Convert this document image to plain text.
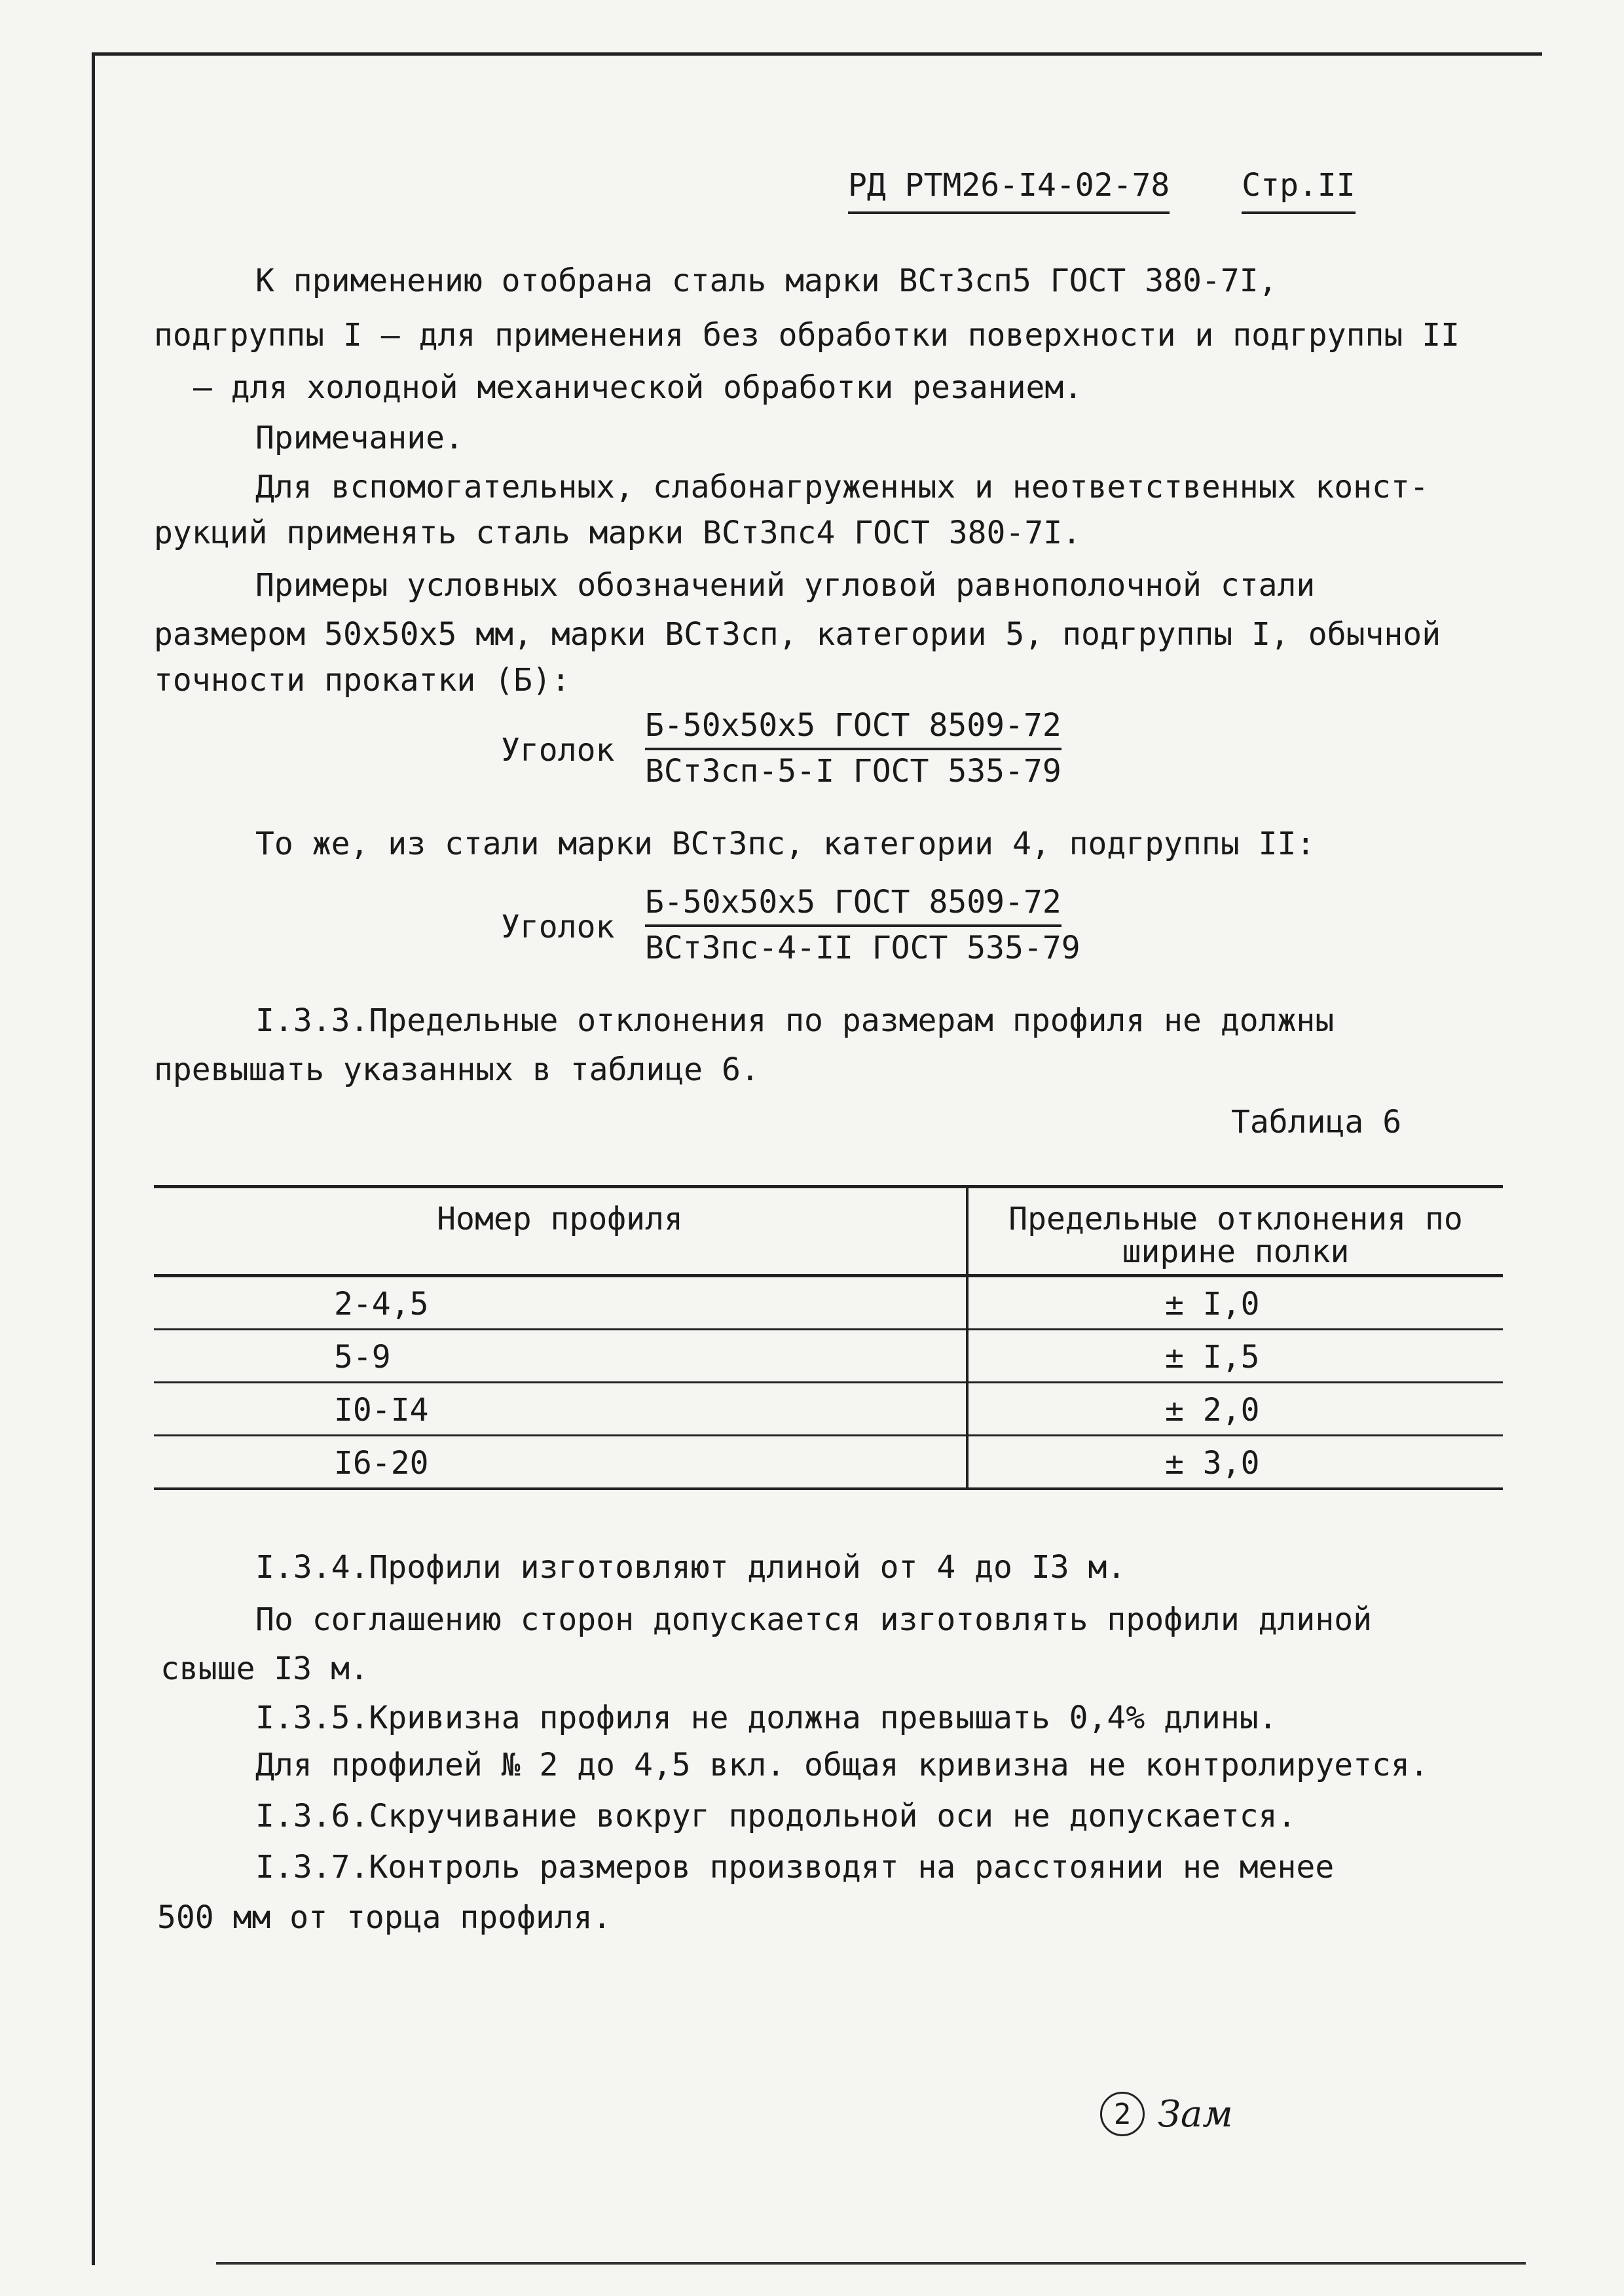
РД РТМ26-I4-02-78 Стр.II
К применению отобрана сталь марки ВСт3сп5 ГОСТ 380-7I,
подгруппы I – для применения без обработки поверхности и подгруппы II
– для холодной механической обработки резанием.
Примечание.
Для вспомогательных, слабонагруженных и неответственных конст-
рукций применять сталь марки ВСт3пс4 ГОСТ 380-7I.
Примеры условных обозначений угловой равнополочной стали
размером 50х50х5 мм, марки ВСт3сп, категории 5, подгруппы I, обычной
точности прокатки (Б):
Уголок
Б-50х50х5 ГОСТ 8509-72
ВСт3сп-5-I ГОСТ 535-79
То же, из стали марки ВСт3пс, категории 4, подгруппы II:
Уголок
Б-50х50х5 ГОСТ 8509-72
ВСт3пс-4-II ГОСТ 535-79
I.3.3.Предельные отклонения по размерам профиля не должны
превышать указанных в таблице 6.
Таблица 6
Номер профиля	Предельные отклонения по ширине полки
2-4,5	± I,0
5-9	± I,5
I0-I4	± 2,0
I6-20	± 3,0
I.3.4.Профили изготовляют длиной от 4 до I3 м.
По соглашению сторон допускается изготовлять профили длиной
свыше I3 м.
I.3.5.Кривизна профиля не должна превышать 0,4% длины.
Для профилей № 2 до 4,5 вкл. общая кривизна не контролируется.
I.3.6.Скручивание вокруг продольной оси не допускается.
I.3.7.Контроль размеров производят на расстоянии не менее
500 мм от торца профиля.
2 Зам
